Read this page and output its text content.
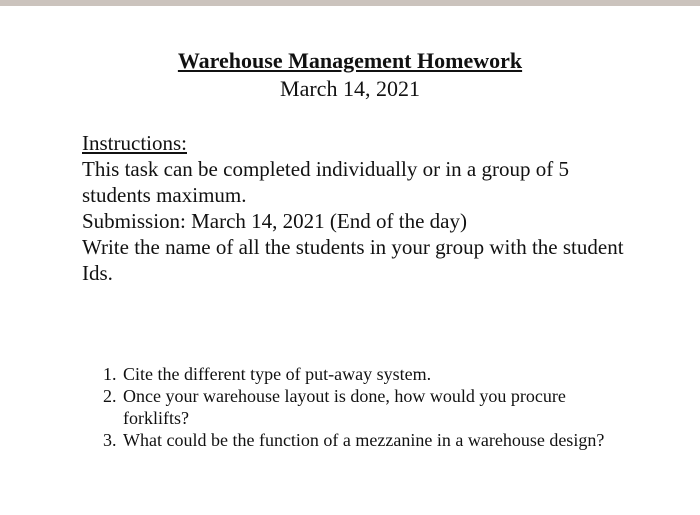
Warehouse Management Homework
March 14, 2021
Instructions:
This task can be completed individually or in a group of 5 students maximum.
Submission: March 14, 2021 (End of the day)
Write the name of all the students in your group with the student Ids.
1. Cite the different type of put-away system.
2. Once your warehouse layout is done, how would you procure forklifts?
3. What could be the function of a mezzanine in a warehouse design?
